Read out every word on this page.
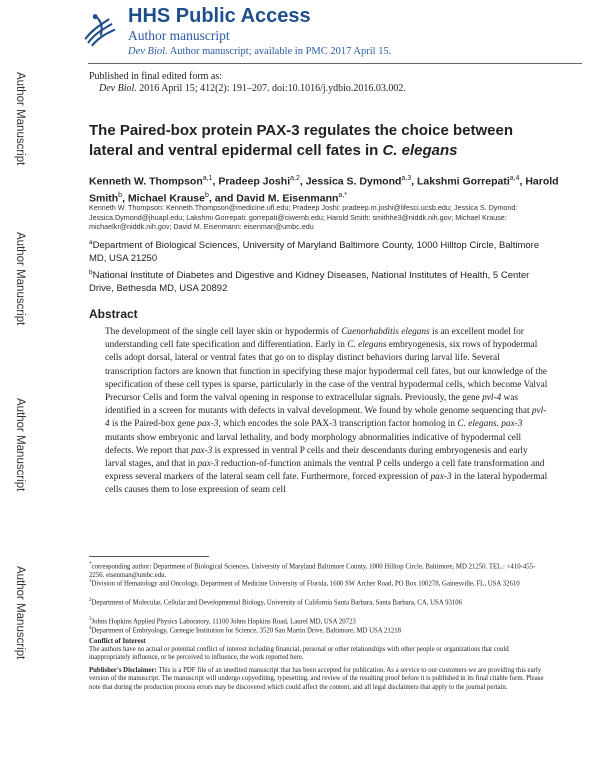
Author Manuscript
Author Manuscript
Author Manuscript
Author Manuscript
HHS Public Access
Author manuscript
Dev Biol. Author manuscript; available in PMC 2017 April 15.
Published in final edited form as:
Dev Biol. 2016 April 15; 412(2): 191–207. doi:10.1016/j.ydbio.2016.03.002.
The Paired-box protein PAX-3 regulates the choice between lateral and ventral epidermal cell fates in C. elegans
Kenneth W. Thompson$^{a,1}$, Pradeep Joshi$^{a,2}$, Jessica S. Dymond$^{a,3}$, Lakshmi Gorrepati$^{a,4}$, Harold Smith$^b$, Michael Krause$^b$, and David M. Eisenmann$^{a,*}$
Kenneth W. Thompson: Kenneth.Thompson@medicine.ufl.edu; Pradeep Joshi: pradeep.m.joshi@lifesci.ucsb.edu; Jessica S. Dymond: Jessica.Dymond@jhuapl.edu; Lakshmi Gorrepati: gorrepati@ciwemb.edu; Harold Smith: smithhe3@niddk.nih.gov; Michael Krause: michaelkr@niddk.nih.gov; David M. Eisenmann: eisenman@umbc.edu
$^a$Department of Biological Sciences, University of Maryland Baltimore County, 1000 Hilltop Circle, Baltimore MD, USA 21250
$^b$National Institute of Diabetes and Digestive and Kidney Diseases, National Institutes of Health, 5 Center Drive, Bethesda MD, USA 20892
Abstract
The development of the single cell layer skin or hypodermis of Caenorhabditis elegans is an excellent model for understanding cell fate specification and differentiation. Early in C. elegans embryogenesis, six rows of hypodermal cells adopt dorsal, lateral or ventral fates that go on to display distinct behaviors during larval life. Several transcription factors are known that function in specifying these major hypodermal cell fates, but our knowledge of the specification of these cell types is sparse, particularly in the case of the ventral hypodermal cells, which become Valval Precursor Cells and form the valval opening in response to extracellular signals. Previously, the gene pvl-4 was identified in a screen for mutants with defects in valval development. We found by whole genome sequencing that pvl-4 is the Paired-box gene pax-3, which encodes the sole PAX-3 transcription factor homolog in C. elegans. pax-3 mutants show embryonic and larval lethality, and body morphology abnormalities indicative of hypodermal cell defects. We report that pax-3 is expressed in ventral P cells and their descendants during embryogenesis and early larval stages, and that in pax-3 reduction-of-function animals the ventral P cells undergo a cell fate transformation and express several markers of the lateral seam cell fate. Furthermore, forced expression of pax-3 in the lateral hypodermal cells causes them to lose expression of seam cell
*corresponding author: Department of Biological Sciences, University of Maryland Baltimore County, 1000 Hilltop Circle, Baltimore, MD 21250. TEL.: +410-455-2256. eisenman@umbc.edu.
$^1$Division of Hematology and Oncology, Department of Medicine University of Florida, 1600 SW Archer Road, PO Box 100278, Gainesville, FL, USA 32610
$^2$Department of Molecular, Cellular and Developmental Biology, University of California Santa Barbara, Santa Barbara, CA, USA 93106
$^3$Johns Hopkins Applied Physics Laboratory, 11100 Johns Hopkins Road, Laurel MD, USA 20723
$^4$Department of Embryology, Carnegie Institution for Science, 3520 San Martin Drive, Baltimore, MD USA 21218
Conflict of Interest
The authors have no actual or potential conflict of interest including financial, personal or other relationships with other people or organizations that could inappropriately influence, or be perceived to influence, the work reported here.
Publisher's Disclaimer: This is a PDF file of an unedited manuscript that has been accepted for publication. As a service to our customers we are providing this early version of the manuscript. The manuscript will undergo copyediting, typesetting, and review of the resulting proof before it is published in its final citable form. Please note that during the production process errors may be discovered which could affect the content, and all legal disclaimers that apply to the journal pertain.
